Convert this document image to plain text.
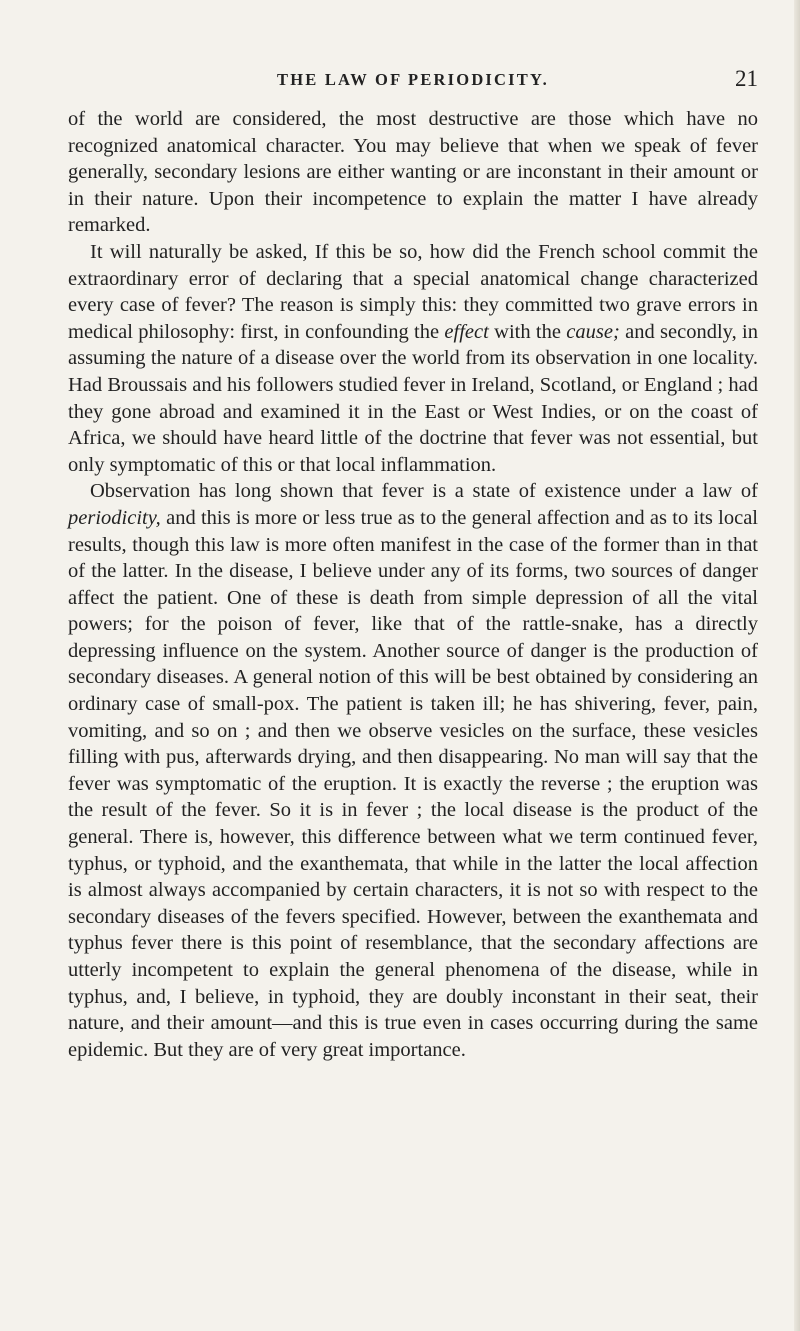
THE LAW OF PERIODICITY.	21

of the world are considered, the most destructive are those which have no recognized anatomical character. You may believe that when we speak of fever generally, secondary lesions are either wanting or are inconstant in their amount or in their nature. Upon their incompetence to explain the matter I have already remarked.

It will naturally be asked, If this be so, how did the French school commit the extraordinary error of declaring that a special anatomical change characterized every case of fever? The reason is simply this: they committed two grave errors in medical philosophy: first, in confounding the effect with the cause; and secondly, in assuming the nature of a disease over the world from its observation in one locality. Had Broussais and his followers studied fever in Ireland, Scotland, or England ; had they gone abroad and examined it in the East or West Indies, or on the coast of Africa, we should have heard little of the doctrine that fever was not essential, but only symptomatic of this or that local inflammation.

Observation has long shown that fever is a state of existence under a law of periodicity, and this is more or less true as to the general affection and as to its local results, though this law is more often manifest in the case of the former than in that of the latter. In the disease, I believe under any of its forms, two sources of danger affect the patient. One of these is death from simple depression of all the vital powers; for the poison of fever, like that of the rattle-snake, has a directly depressing influence on the system. Another source of danger is the production of secondary diseases. A general notion of this will be best obtained by considering an ordinary case of small-pox. The patient is taken ill; he has shivering, fever, pain, vomiting, and so on ; and then we observe vesicles on the surface, these vesicles filling with pus, afterwards drying, and then disappearing. No man will say that the fever was symptomatic of the eruption. It is exactly the reverse ; the eruption was the result of the fever. So it is in fever ; the local disease is the product of the general. There is, however, this difference between what we term continued fever, typhus, or typhoid, and the exanthemata, that while in the latter the local affection is almost always accompanied by certain characters, it is not so with respect to the secondary diseases of the fevers specified. However, between the exanthemata and typhus fever there is this point of resemblance, that the secondary affections are utterly incompetent to explain the general phenomena of the disease, while in typhus, and, I believe, in typhoid, they are doubly inconstant in their seat, their nature, and their amount—and this is true even in cases occurring during the same epidemic. But they are of very great importance.
